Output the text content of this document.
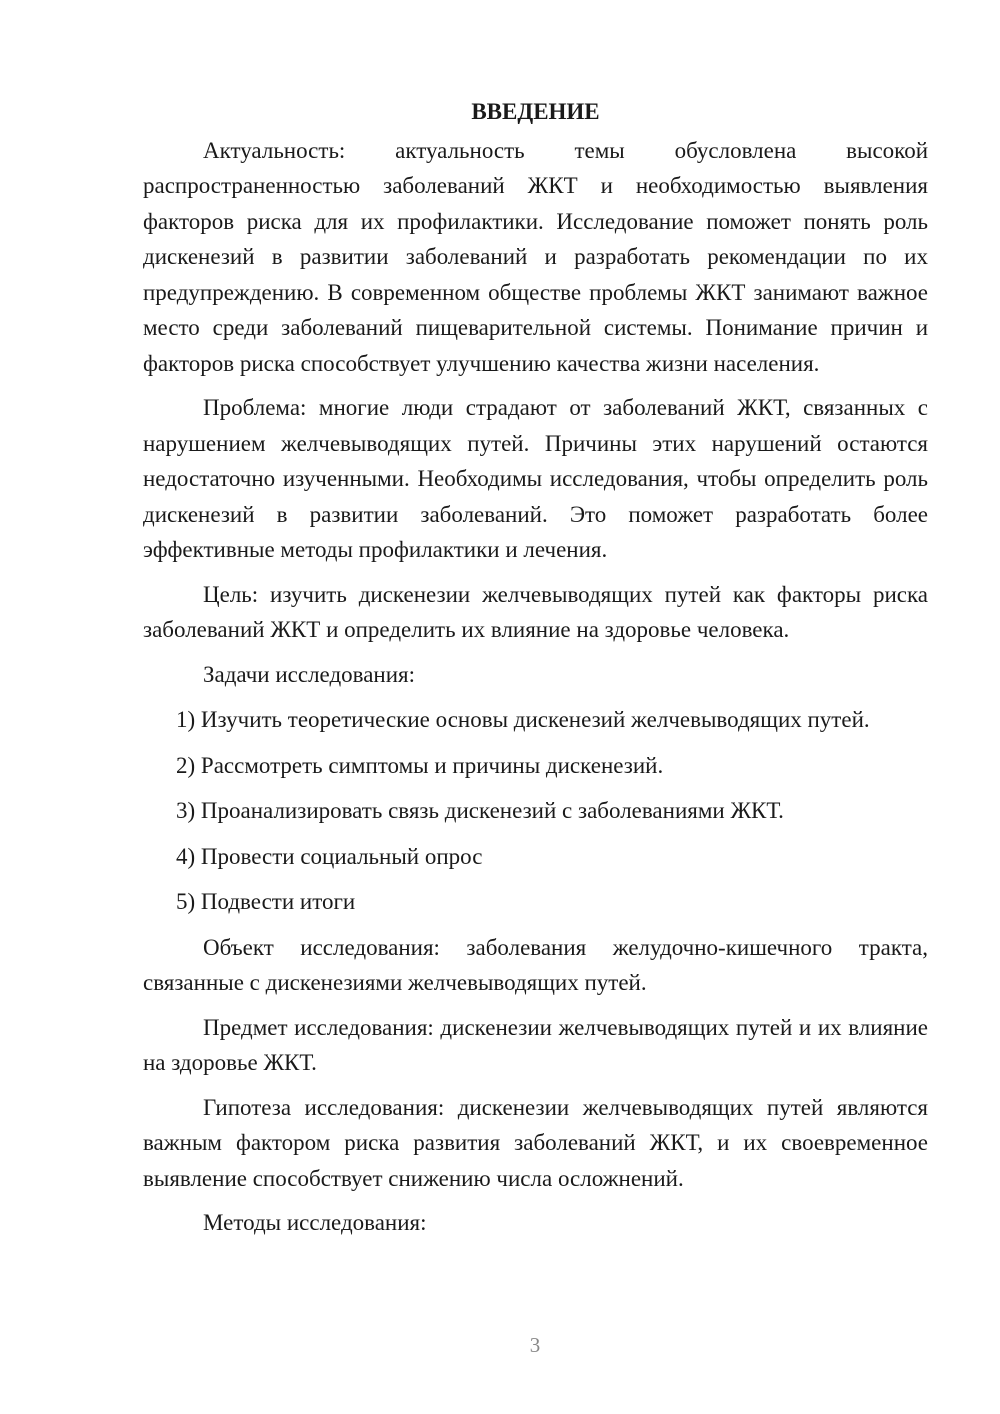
ВВЕДЕНИЕ

Актуальность: актуальность темы обусловлена высокой распространенностью заболеваний ЖКТ и необходимостью выявления факторов риска для их профилактики. Исследование поможет понять роль дискенезий в развитии заболеваний и разработать рекомендации по их предупреждению. В современном обществе проблемы ЖКТ занимают важное место среди заболеваний пищеварительной системы. Понимание причин и факторов риска способствует улучшению качества жизни населения.

Проблема: многие люди страдают от заболеваний ЖКТ, связанных с нарушением желчевыводящих путей. Причины этих нарушений остаются недостаточно изученными. Необходимы исследования, чтобы определить роль дискенезий в развитии заболеваний. Это поможет разработать более эффективные методы профилактики и лечения.

Цель: изучить дискенезии желчевыводящих путей как факторы риска заболеваний ЖКТ и определить их влияние на здоровье человека.

Задачи исследования:

1) Изучить теоретические основы дискенезий желчевыводящих путей.

2) Рассмотреть симптомы и причины дискенезий.

3) Проанализировать связь дискенезий с заболеваниями ЖКТ.

4) Провести социальный опрос

5) Подвести итоги

Объект исследования: заболевания желудочно-кишечного тракта, связанные с дискенезиями желчевыводящих путей.

Предмет исследования: дискенезии желчевыводящих путей и их влияние на здоровье ЖКТ.

Гипотеза исследования: дискенезии желчевыводящих путей являются важным фактором риска развития заболеваний ЖКТ, и их своевременное выявление способствует снижению числа осложнений.

Методы исследования:

3
